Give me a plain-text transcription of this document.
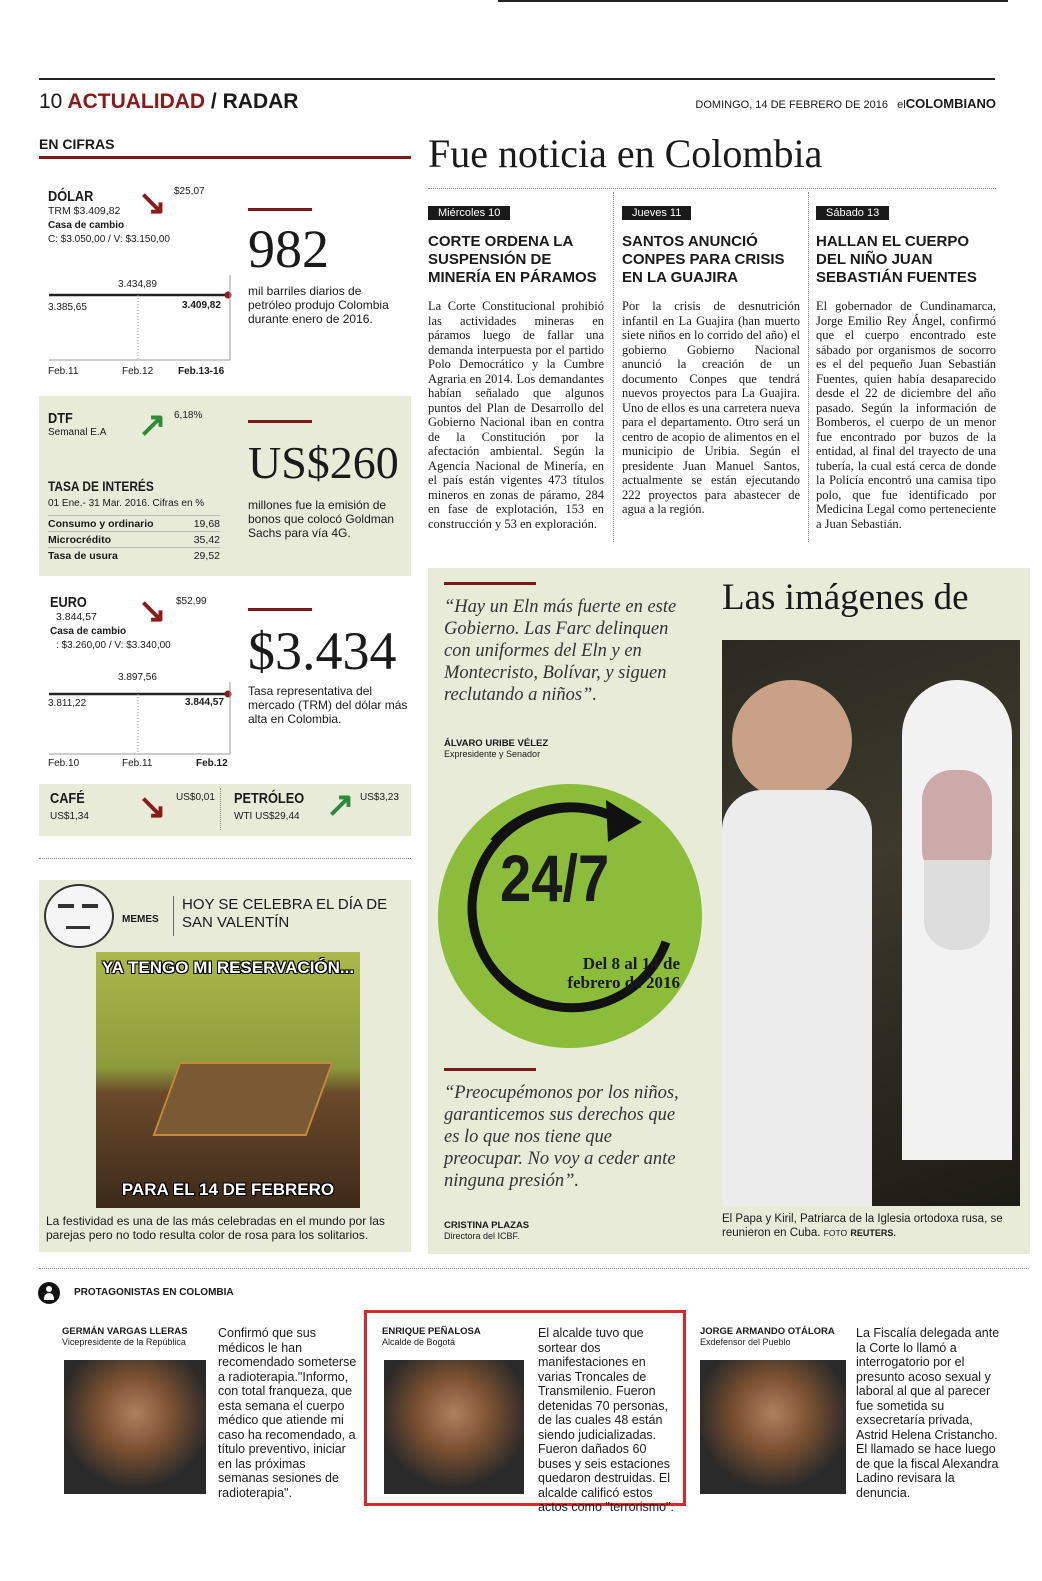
10 ACTUALIDAD / RADAR	DOMINGO, 14 DE FEBRERO DE 2016 elCOLOMBIANO
EN CIFRAS
DÓLAR
TRM $3.409,82
Casa de cambio
C: $3.050,00 / V: $3.150,00
↘ $25,07
3.385,65
3.434,89
3.409,82
Feb.11	Feb.12 Feb.13-16
DTF
Semanal E.A ↗ 6,18%
TASA DE INTERÉS
01 Ene.- 31 Mar. 2016. Cifras en %
Consumo y ordinario	19,68
Microcrédito	35,42
Tasa de usura	29,52
EURO
3.844,57
Casa de cambio
: $3.260,00 / V: $3.340,00
↘ $52,99
3.811,22
3.897,56
3.844,57
Feb.10	Feb.11	Feb.12
CAFÉ
US$1,34 ↘ US$0,01 PETRÓLEO
WTI US$29,44 ↗ US$3,23
982
mil barriles diarios de petróleo produjo Colombia durante enero de 2016.
US$260
millones fue la emisión de bonos que colocó Goldman Sachs para vía 4G.
$3.434
Tasa representativa del mercado (TRM) del dólar más alta en Colombia.
Fue noticia en Colombia
Miércoles 10
CORTE ORDENA LA SUSPENSIÓN DE MINERÍA EN PÁRAMOS
La Corte Constitucional prohibió las actividades mineras en páramos luego de fallar una demanda interpuesta por el partido Polo Democrático y la Cumbre Agraria en 2014. Los demandantes habían señalado que algunos puntos del Plan de Desarrollo del Gobierno Nacional iban en contra de la Constitución por la afectación ambiental. Según la Agencia Nacional de Minería, en el país están vigentes 473 títulos mineros en zonas de páramo, 284 en fase de explotación, 153 en construcción y 53 en exploración.
Jueves 11
SANTOS ANUNCIÓ CONPES PARA CRISIS EN LA GUAJIRA
Por la crisis de desnutrición infantil en La Guajira (han muerto siete niños en lo corrido del año) el gobierno Gobierno Nacional anunció la creación de un documento Conpes que tendrá nuevos proyectos para La Guajira. Uno de ellos es una carretera nueva para el departamento. Otro será un centro de acopio de alimentos en el municipio de Uribia. Según el presidente Juan Manuel Santos, actualmente se están ejecutando 222 proyectos para abastecer de agua a la región.
Sábado 13
HALLAN EL CUERPO DEL NIÑO JUAN SEBASTIÁN FUENTES
El gobernador de Cundinamarca, Jorge Emilio Rey Ángel, confirmó que el cuerpo encontrado este sábado por organismos de socorro es el del pequeño Juan Sebastián Fuentes, quien había desaparecido desde el 22 de diciembre del año pasado. Según la información de Bomberos, el cuerpo de un menor fue encontrado por buzos de la entidad, al final del trayecto de una tubería, la cual está cerca de donde la Policía encontró una camisa tipo polo, que fue identificado por Medicina Legal como perteneciente a Juan Sebastián.
“Hay un Eln más fuerte en este Gobierno. Las Farc delinquen con uniformes del Eln y en Montecristo, Bolívar, y siguen reclutando a niños”.
ÁLVARO URIBE VÉLEZ
Expresidente y Senador
24/7
Del 8 al 14 de
febrero de 2016
“Preocupémonos por los niños, garanticemos sus derechos que es lo que nos tiene que preocupar. No voy a ceder ante ninguna presión”.
CRISTINA PLAZAS
Directora del ICBF.
Las imágenes de
El Papa y Kiril, Patriarca de la Iglesia ortodoxa rusa, se reunieron en Cuba. FOTO REUTERS.
MEMES
HOY SE CELEBRA EL DÍA DE SAN VALENTÍN
YA TENGO MI RESERVACIÓN...
PARA EL 14 DE FEBRERO
La festividad es una de las más celebradas en el mundo por las parejas pero no todo resulta color de rosa para los solitarios.
PROTAGONISTAS EN COLOMBIA
GERMÁN VARGAS LLERAS
Vicepresidente de la República
Confirmó que sus médicos le han recomendado someterse a radioterapia."Informo, con total franqueza, que esta semana el cuerpo médico que atiende mi caso ha recomendado, a título preventivo, iniciar en las próximas semanas sesiones de radioterapia".
ENRIQUE PEÑALOSA
Alcalde de Bogotá
El alcalde tuvo que sortear dos manifestaciones en varias Troncales de Transmilenio. Fueron detenidas 70 personas, de las cuales 48 están siendo judicializadas. Fueron dañados 60 buses y seis estaciones quedaron destruidas. El alcalde calificó estos actos como "terrorismo".
JORGE ARMANDO OTÁLORA
Exdefensor del Pueblo
La Fiscalía delegada ante la Corte lo llamó a interrogatorio por el presunto acoso sexual y laboral al que al parecer fue sometida su exsecretaría privada, Astrid Helena Cristancho. El llamado se hace luego de que la fiscal Alexandra Ladino revisara la denuncia.
